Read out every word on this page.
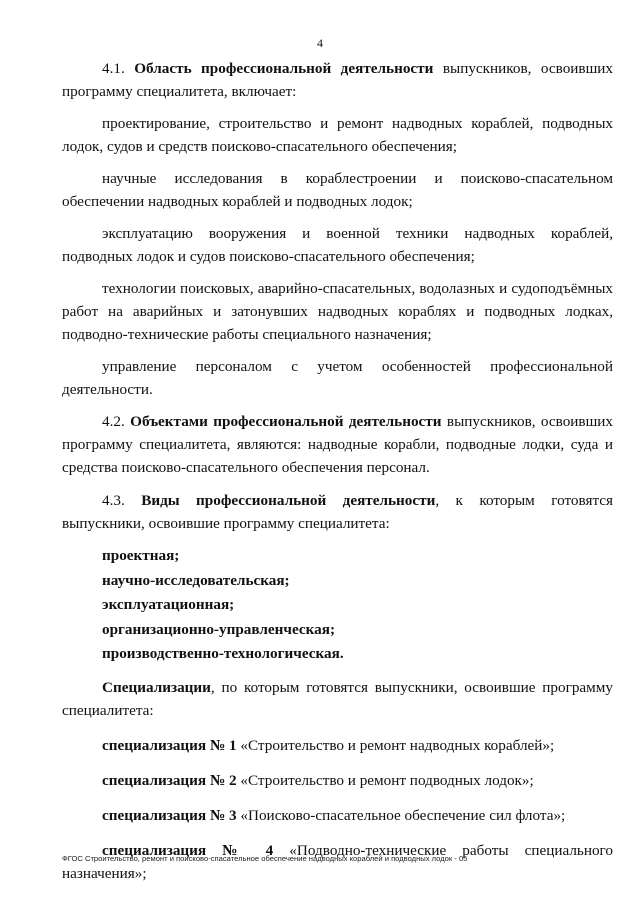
4

4.1. Область профессиональной деятельности выпускников, освоивших программу специалитета, включает:

проектирование, строительство и ремонт надводных кораблей, подводных лодок, судов и средств поисково-спасательного обеспечения;

научные исследования в кораблестроении и поисково-спасательном обеспечении надводных кораблей и подводных лодок;

эксплуатацию вооружения и военной техники надводных кораблей, подводных лодок и судов поисково-спасательного обеспечения;

технологии поисковых, аварийно-спасательных, водолазных и судоподъёмных работ на аварийных и затонувших надводных кораблях и подводных лодках, подводно-технические работы специального назначения;

управление персоналом с учетом особенностей профессиональной деятельности.

4.2. Объектами профессиональной деятельности выпускников, освоивших программу специалитета, являются: надводные корабли, подводные лодки, суда и средства поисково-спасательного обеспечения персонал.

4.3. Виды профессиональной деятельности, к которым готовятся выпускники, освоившие программу специалитета:

проектная;

научно-исследовательская;

эксплуатационная;

организационно-управленческая;

производственно-технологическая.

Специализации, по которым готовятся выпускники, освоившие программу специалитета:

специализация № 1 «Строительство и ремонт надводных кораблей»;

специализация № 2 «Строительство и ремонт подводных лодок»;

специализация № 3 «Поисково-спасательное обеспечение сил флота»;

специализация № 4 «Подводно-технические работы специального назначения»;

ФГОС Строительство, ремонт и поисково-спасательное обеспечение надводных кораблей и подводных лодок - 05
